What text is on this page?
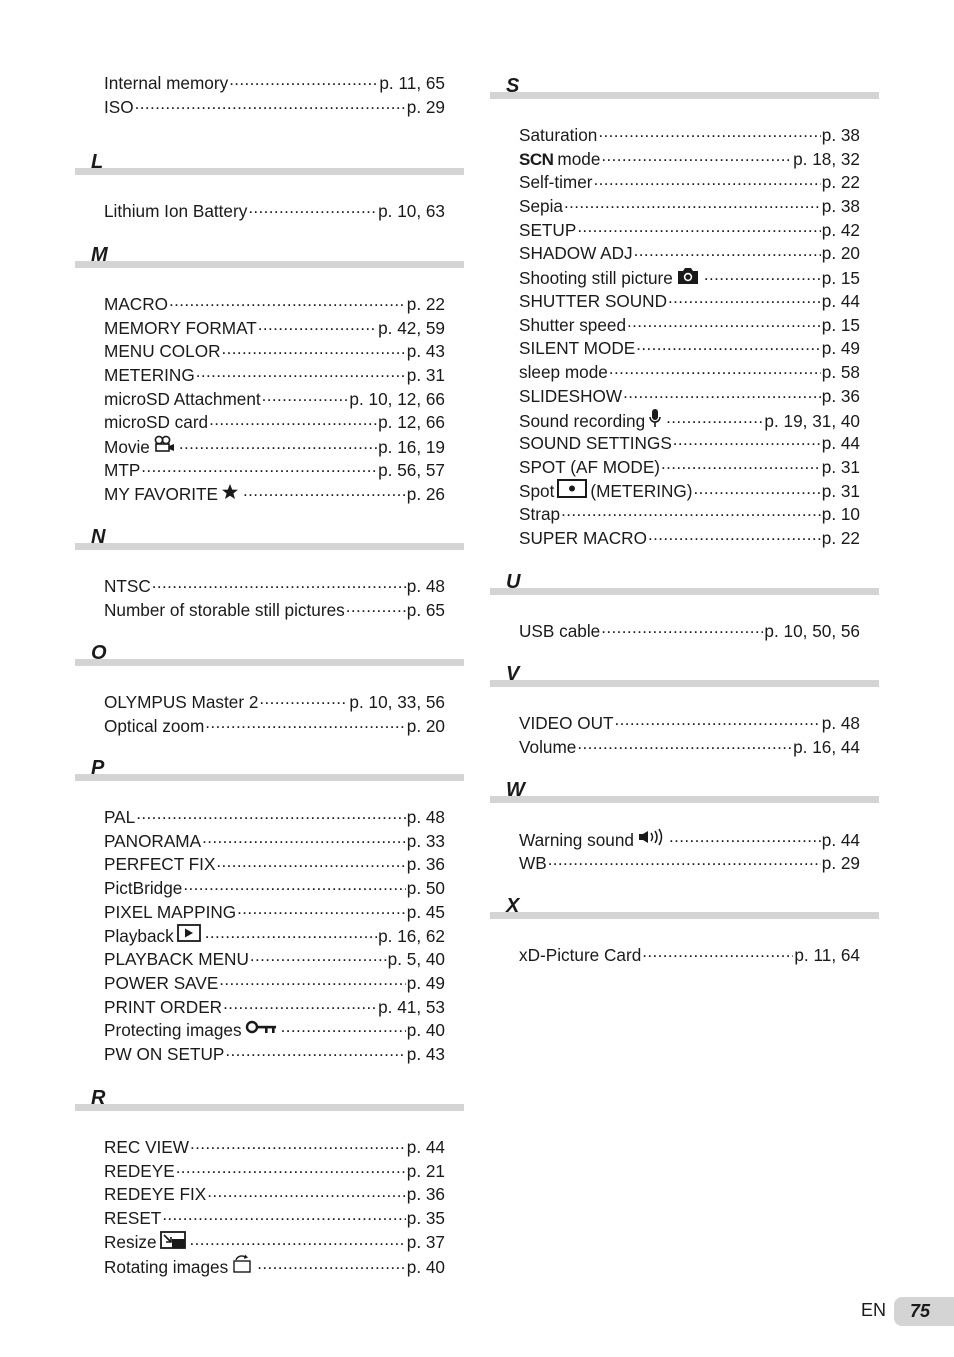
Internal memory .....	p. 11, 65
ISO .....	p. 29
L
Lithium Ion Battery .....	p. 10, 63
M
MACRO .....	p. 22
MEMORY FORMAT .....	p. 42, 59
MENU COLOR .....	p. 43
METERING .....	p. 31
microSD Attachment .....	p. 10, 12, 66
microSD card .....	p. 12, 66
Movie .....	p. 16, 19
MTP .....	p. 56, 57
MY FAVORITE .....	p. 26
N
NTSC .....	p. 48
Number of storable still pictures .....	p. 65
O
OLYMPUS Master 2 .....	p. 10, 33, 56
Optical zoom .....	p. 20
P
PAL .....	p. 48
PANORAMA .....	p. 33
PERFECT FIX .....	p. 36
PictBridge .....	p. 50
PIXEL MAPPING .....	p. 45
Playback .....	p. 16, 62
PLAYBACK MENU .....	p. 5, 40
POWER SAVE .....	p. 49
PRINT ORDER .....	p. 41, 53
Protecting images .....	p. 40
PW ON SETUP .....	p. 43
R
REC VIEW .....	p. 44
REDEYE .....	p. 21
REDEYE FIX .....	p. 36
RESET .....	p. 35
Resize .....	p. 37
Rotating images .....	p. 40
S
Saturation .....	p. 38
SCN mode .....	p. 18, 32
Self-timer .....	p. 22
Sepia .....	p. 38
SETUP .....	p. 42
SHADOW ADJ .....	p. 20
Shooting still picture .....	p. 15
SHUTTER SOUND .....	p. 44
Shutter speed .....	p. 15
SILENT MODE .....	p. 49
sleep mode .....	p. 58
SLIDESHOW .....	p. 36
Sound recording .....	p. 19, 31, 40
SOUND SETTINGS .....	p. 44
SPOT (AF MODE) .....	p. 31
Spot (METERING) .....	p. 31
Strap .....	p. 10
SUPER MACRO .....	p. 22
U
USB cable .....	p. 10, 50, 56
V
VIDEO OUT .....	p. 48
Volume .....	p. 16, 44
W
Warning sound .....	p. 44
WB .....	p. 29
X
xD-Picture Card .....	p. 11, 64
EN	75
